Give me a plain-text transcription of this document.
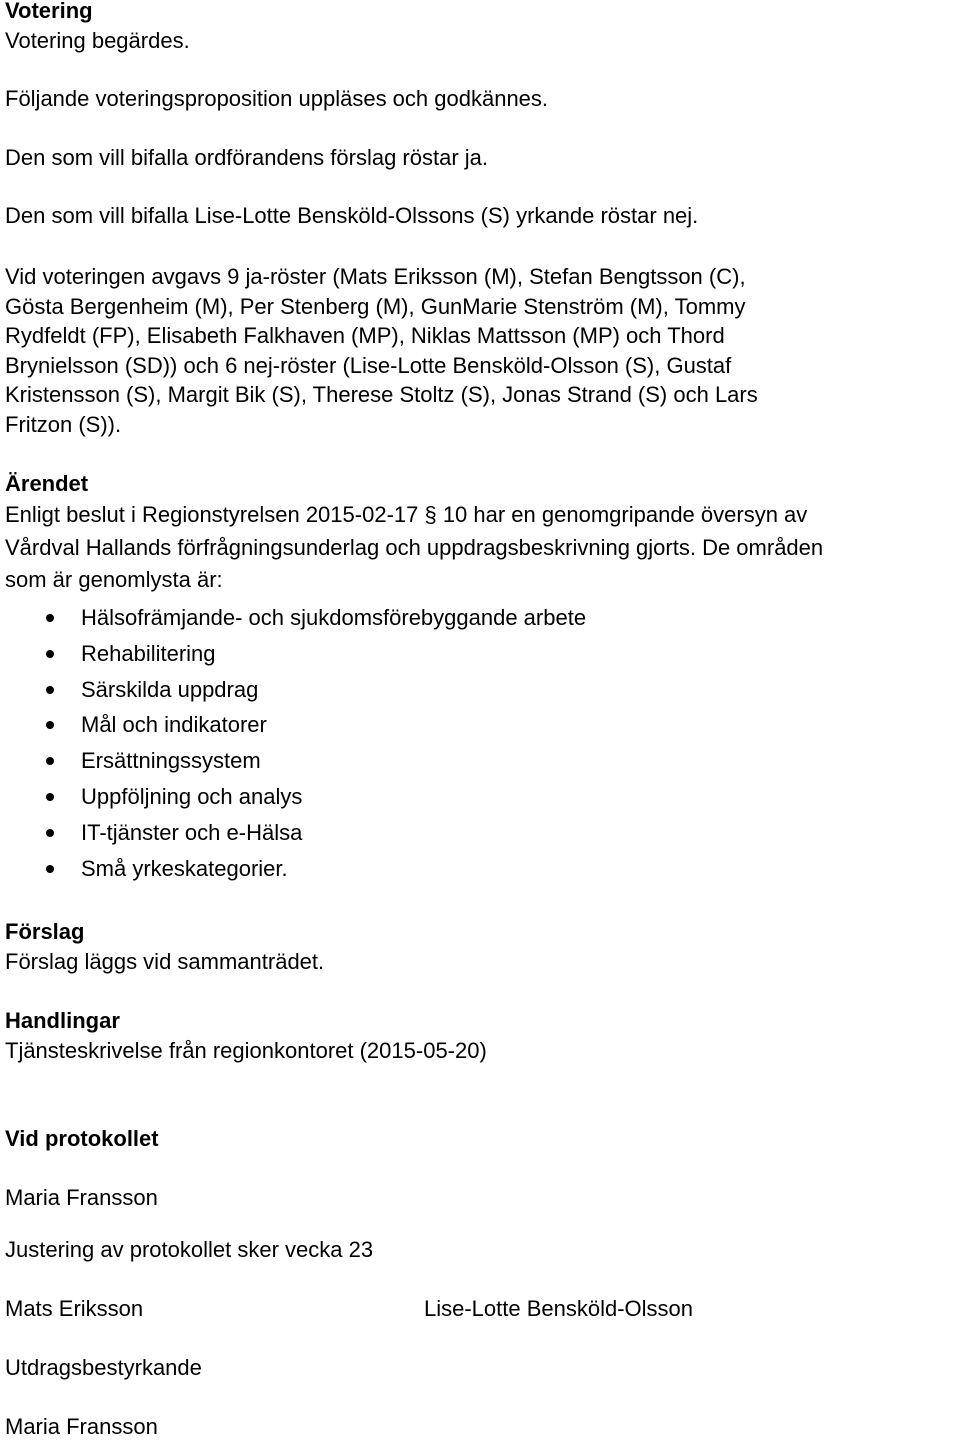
Votering
Votering begärdes.
Följande voteringsproposition uppläses och godkännes.
Den som vill bifalla ordförandens förslag röstar ja.
Den som vill bifalla Lise-Lotte Bensköld-Olssons (S) yrkande röstar nej.
Vid voteringen avgavs 9 ja-röster (Mats Eriksson (M), Stefan Bengtsson (C),
Gösta Bergenheim (M), Per Stenberg (M), GunMarie Stenström (M), Tommy
Rydfeldt (FP), Elisabeth Falkhaven (MP), Niklas Mattsson (MP) och Thord
Brynielsson (SD)) och 6 nej-röster (Lise-Lotte Bensköld-Olsson (S), Gustaf
Kristensson (S), Margit Bik (S), Therese Stoltz (S), Jonas Strand (S) och Lars
Fritzon (S)).
Ärendet
Enligt beslut i Regionstyrelsen 2015-02-17 § 10 har en genomgripande översyn av
Vårdval Hallands förfrågningsunderlag och uppdragsbeskrivning gjorts. De områden
som är genomlysta är:
Hälsofrämjande- och sjukdomsförebyggande arbete
Rehabilitering
Särskilda uppdrag
Mål och indikatorer
Ersättningssystem
Uppföljning och analys
IT-tjänster och e-Hälsa
Små yrkeskategorier.
Förslag
Förslag läggs vid sammanträdet.
Handlingar
Tjänsteskrivelse från regionkontoret (2015-05-20)
Vid protokollet
Maria Fransson
Justering av protokollet sker vecka 23
Mats Eriksson	Lise-Lotte Bensköld-Olsson
Utdragsbestyrkande
Maria Fransson
